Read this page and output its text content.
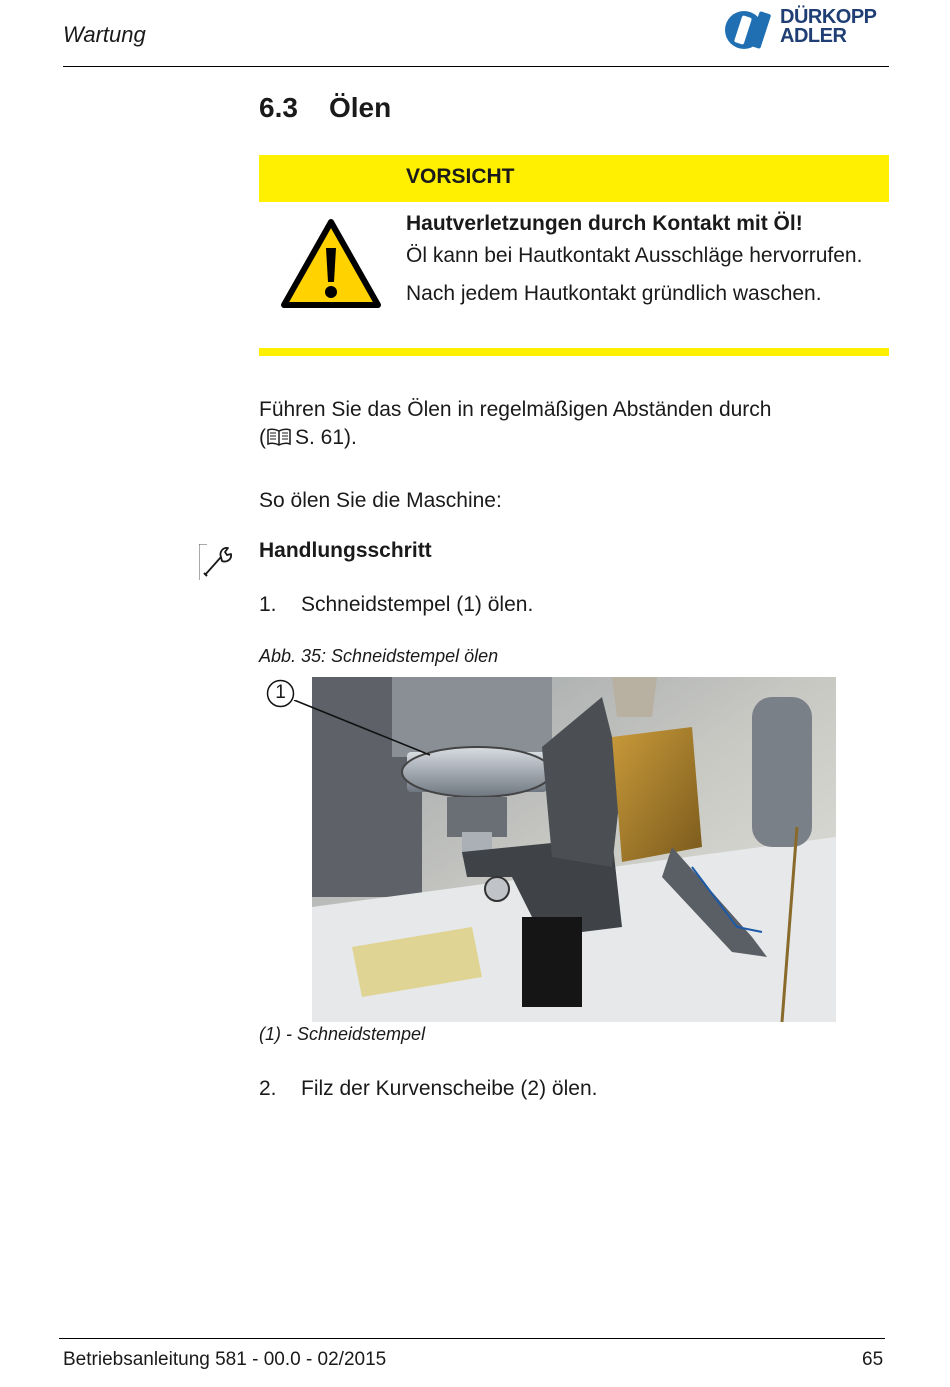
Wartung
DÜRKOPP
ADLER
6.3 Ölen
VORSICHT
Hautverletzungen durch Kontakt mit Öl!
Öl kann bei Hautkontakt Ausschläge hervorrufen.
Nach jedem Hautkontakt gründlich waschen.
Führen Sie das Ölen in regelmäßigen Abständen durch
( S. 61).
So ölen Sie die Maschine:
Handlungsschritt
1. Schneidstempel (1) ölen.
Abb. 35: Schneidstempel ölen
1
(1) - Schneidstempel
2. Filz der Kurvenscheibe (2) ölen.
Betriebsanleitung 581 - 00.0 - 02/2015	65
